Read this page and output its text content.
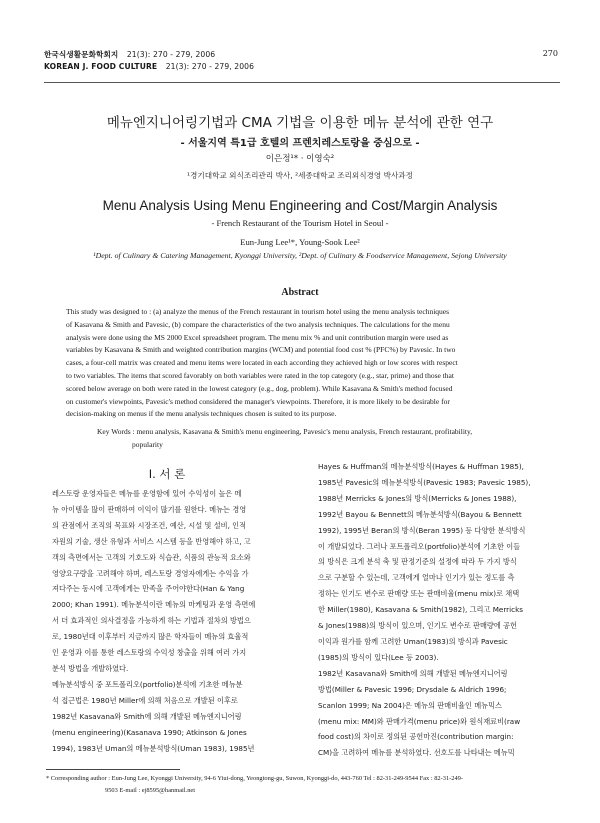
한국식생활문화학회지 21(3): 270 - 279, 2006
KOREAN J. FOOD CULTURE 21(3): 270 - 279, 2006
270
메뉴엔지니어링기법과 CMA 기법을 이용한 메뉴 분석에 관한 연구
- 서울지역 특1급 호텔의 프렌치레스토랑을 중심으로 -
이은정¹* · 이영숙²
¹경기대학교 외식조리관리 박사, ²세종대학교 조리외식경영 박사과정
Menu Analysis Using Menu Engineering and Cost/Margin Analysis
- French Restaurant of the Tourism Hotel in Seoul -
Eun-Jung Lee¹*, Young-Sook Lee²
¹Dept. of Culinary & Catering Management, Kyonggi University, ²Dept. of Culinary & Foodservice Management, Sejong University
Abstract
This study was designed to : (a) analyze the menus of the French restaurant in tourism hotel using the menu analysis techniques
of Kasavana & Smith and Pavesic, (b) compare the characteristics of the two analysis techniques. The calculations for the menu
analysis were done using the MS 2000 Excel spreadsheet program. The menu mix % and unit contribution margin were used as
variables by Kasavana & Smith and weighted contribution margins (WCM) and potential food cost % (PFC%) by Pavesic. In two
cases, a four-cell matrix was created and menu items were located in each according they achieved high or low scores with respect
to two variables. The items that scored favorably on both variables were rated in the top category (e.g., star, prime) and those that
scored below average on both were rated in the lowest category (e.g., dog, problem). While Kasavana & Smith's method focused
on customer's viewpoints, Pavesic's method considered the manager's viewpoints. Therefore, it is more likely to be desirable for
decision-making on menus if the menu analysis techniques chosen is suited to its purpose.
Key Words : menu analysis, Kasavana & Smith's menu engineering, Pavesic's menu analysis, French restaurant, profitability,
popularity
I. 서 론
레스토랑 운영자들은 메뉴를 운영함에 있어 수익성이 높은 메
뉴 아이템을 많이 판매하여 이익이 많기를 원한다. 메뉴는 경영
의 관점에서 조직의 목표와 시장조건, 예산, 시설 및 설비, 인적
자원의 기술, 생산 유형과 서비스 시스템 등을 반영해야 하고, 고
객의 측면에서는 고객의 기호도와 식습관, 식품의 관능적 요소와
영양요구량을 고려해야 하며, 레스토랑 경영자에게는 수익을 가
져다주는 동시에 고객에게는 만족을 주어야한다(Han & Yang
2000; Khan 1991). 메뉴분석이란 메뉴의 마케팅과 운영 측면에
서 더 효과적인 의사결정을 가능하게 하는 기법과 절차의 방법으
로, 1980년대 이후부터 지금까지 많은 학자들이 메뉴의 효율적
인 운영과 이를 통한 레스토랑의 수익성 창출을 위해 여러 가지
분석 방법을 개발하였다.
메뉴분석방식 중 포트폴리오(portfolio)분석에 기초한 메뉴분
석 접근법은 1980년 Miller에 의해 처음으로 개발된 이후로
1982년 Kasavana와 Smith에 의해 개발된 메뉴엔지니어링
(menu engineering)(Kasanava 1990; Atkinson & Jones
1994), 1983년 Uman의 메뉴분석방식(Uman 1983), 1985년
Hayes & Huffman의 메뉴분석방식(Hayes & Huffman 1985),
1985년 Pavesic의 메뉴분석방식(Pavesic 1983; Pavesic 1985),
1988년 Merricks & Jones의 방식(Merricks & Jones 1988),
1992년 Bayou & Bennett의 메뉴분석방식(Bayou & Bennett
1992), 1995년 Beran의 방식(Beran 1995) 등 다양한 분석방식
이 개발되었다. 그러나 포트폴리오(portfolio)분석에 기초한 이들
의 방식은 크게 분석 축 및 판정기준의 설정에 따라 두 가지 방식
으로 구분할 수 있는데, 고객에게 얼마나 인기가 있는 정도를 측
정하는 인기도 변수로 판매량 또는 판매비율(menu mix)로 채택
한 Miller(1980), Kasavana & Smith(1982), 그리고 Merricks
& Jones(1988)의 방식이 있으며, 인기도 변수로 판매량에 공헌
이익과 원가를 함께 고려한 Uman(1983)의 방식과 Pavesic
(1985)의 방식이 있다(Lee 등 2003).
1982년 Kasavana와 Smith에 의해 개발된 메뉴엔지니어링
방법(Miller & Pavesic 1996; Drysdale & Aldrich 1996;
Scanlon 1999; Na 2004)은 메뉴의 판매비율인 메뉴믹스
(menu mix: MM)와 판매가격(menu price)와 원식재료비(raw
food cost)의 차이로 정의된 공헌마진(contribution margin:
CM)을 고려하여 메뉴를 분석하였다. 선호도를 나타내는 메뉴믹
* Corresponding author : Eun-Jung Lee, Kyonggi University, 94-6 Yiui-dong, Yeongtong-gu, Suwon, Kyonggi-do, 443-760 Tel : 82-31-249-9544 Fax : 82-31-249-
9503 E-mail : ej8595@hanmail.net
